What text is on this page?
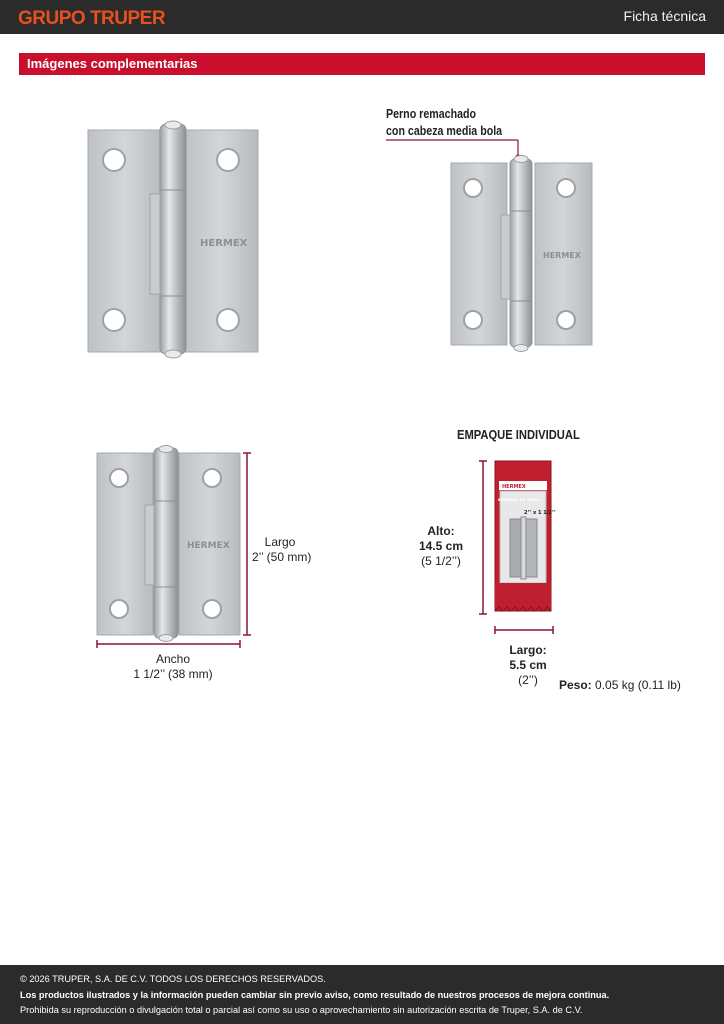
GRUPO TRUPER	Ficha técnica
Imágenes complementarias
HERMEX
Perno remachado
con cabeza media bola
HERMEX
HERMEX	Largo
2’’ (50 mm)
Ancho
1 1/2’’ (38 mm)
EMPAQUE INDIVIDUAL
HERMEX
BISAGRAS DE ACERO
2’’ x 1 1/2’’
Alto:
14.5 cm
(5 1/2’’)
Largo:
5.5 cm
(2’’)	Peso: 0.05 kg (0.11 lb)
© 2026 TRUPER, S.A. DE C.V. TODOS LOS DERECHOS RESERVADOS.
Los productos ilustrados y la información pueden cambiar sin previo aviso, como resultado de nuestros procesos de mejora continua.
Prohibida su reproducción o divulgación total o parcial así como su uso o aprovechamiento sin autorización escrita de Truper, S.A. de C.V.
